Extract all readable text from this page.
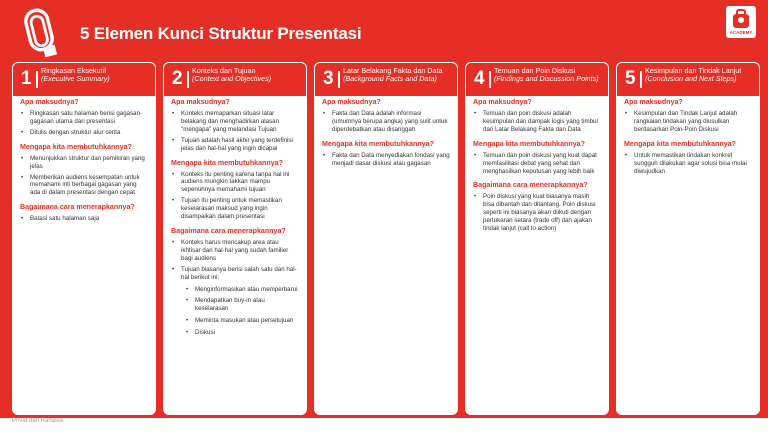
5 Elemen Kunci Struktur Presentasi	ACADEMY
1 Ringkasan Eksekutif
(Executive Summary)
Apa maksudnya?
• Ringkasan satu halaman berisi gagasan-gagasan utama dari presentasi
• Ditulis dengan struktur alur cerita
Mengapa kita membutuhkannya?
• Menunjukkan struktur dan pemikiran yang jelas
• Memberikan audiens kesempatan untuk memahami inti berbagai gagasan yang ada di dalam presentasi dengan cepat
Bagaimana cara menerapkannya?
• Batasi satu halaman saja
2 Konteks dan Tujuan
(Context and Objectives)
Apa maksudnya?
• Konteks memaparkan situasi latar belakang dan menghadirkan alasan "mengapa" yang melandasi Tujuan
• Tujuan adalah hasil akhir yang terdefinisi jelas dan hal-hal yang ingin dicapai
Mengapa kita membutuhkannya?
• Konteks itu penting karena tanpa hal ini audiens mungkin takkan mampu sepenuhnya memahami tujuan
• Tujuan itu penting untuk memastikan keselarasan maksud yang ingin disampaikan dalam presentasi
Bagaimana cara menerapkannya?
• Konteks harus mencakup area atau ikhtisar dari hal-hal yang sudah familier bagi audiens
• Tujuan biasanya berisi salah satu dari hal-hal berikut ini:
• Menginformasikan atau memperbarui
• Mendapatkan buy-in atau keselarasan
• Meminta masukan atau persetujuan
• Diskusi
3 Latar Belakang Fakta dan Data (Background Facts and Data)
Apa maksudnya?
• Fakta dan Data adalah informasi (umumnya berupa angka) yang sulit untuk diperdebatkan atau disanggah
Mengapa kita membutuhkannya?
• Fakta dan Data menyediakan fondasi yang menjadi dasar diskusi atau gagasan
4 Temuan dan Poin Diskusi
(Findings and Discussion Points)
Apa maksudnya?
• Temuan dan poin diskusi adalah kesimpulan dan dampak logis yang timbul dari Latar Belakang Fakta dan Data
Mengapa kita membutuhkannya?
• Temuan dan poin diskusi yang kuat dapat memfasilitasi debat yang sehat dan menghasilkan keputusan yang lebih baik
Bagaimana cara menerapkannya?
• Poin diskusi yang kuat biasanya masih bisa dibantah dan ditantang. Poin diskusi seperti ini biasanya akan diikuti dengan pertukaran setara (trade off) dan ajakan tindak lanjut (call to action)
5 Kesimpulan dan Tindak Lanjut (Conclusion and Next Steps)
Apa maksudnya?
• Kesimpulan dan Tindak Lanjut adalah rangkaian tindakan yang diusulkan berdasarkan Poin-Poin Diskusi
Mengapa kita membutuhkannya?
• Untuk memastikan tindakan konkret sungguh dilakukan agar solusi bisa mulai diwujudkan
Privat dan Rahasia
